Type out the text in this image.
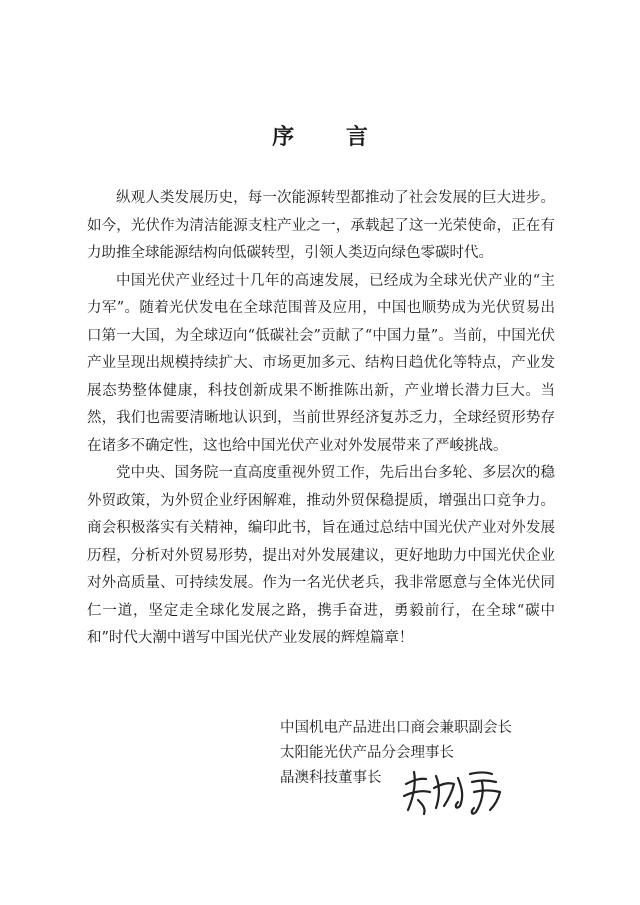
序 言

纵观人类发展历史，每一次能源转型都推动了社会发展的巨大进步。如今，光伏作为清洁能源支柱产业之一，承载起了这一光荣使命，正在有力助推全球能源结构向低碳转型，引领人类迈向绿色零碳时代。

中国光伏产业经过十几年的高速发展，已经成为全球光伏产业的“主力军”。随着光伏发电在全球范围普及应用，中国也顺势成为光伏贸易出口第一大国，为全球迈向“低碳社会”贡献了“中国力量”。当前，中国光伏产业呈现出规模持续扩大、市场更加多元、结构日趋优化等特点，产业发展态势整体健康，科技创新成果不断推陈出新，产业增长潜力巨大。当然，我们也需要清晰地认识到，当前世界经济复苏乏力，全球经贸形势存在诸多不确定性，这也给中国光伏产业对外发展带来了严峻挑战。

党中央、国务院一直高度重视外贸工作，先后出台多轮、多层次的稳外贸政策，为外贸企业纾困解难，推动外贸保稳提质，增强出口竞争力。商会积极落实有关精神，编印此书，旨在通过总结中国光伏产业对外发展历程，分析对外贸易形势，提出对外发展建议，更好地助力中国光伏企业对外高质量、可持续发展。作为一名光伏老兵，我非常愿意与全体光伏同仁一道，坚定走全球化发展之路，携手奋进，勇毅前行，在全球“碳中和”时代大潮中谱写中国光伏产业发展的辉煌篇章！

中国机电产品进出口商会兼职副会长
太阳能光伏产品分会理事长
晶澳科技董事长
